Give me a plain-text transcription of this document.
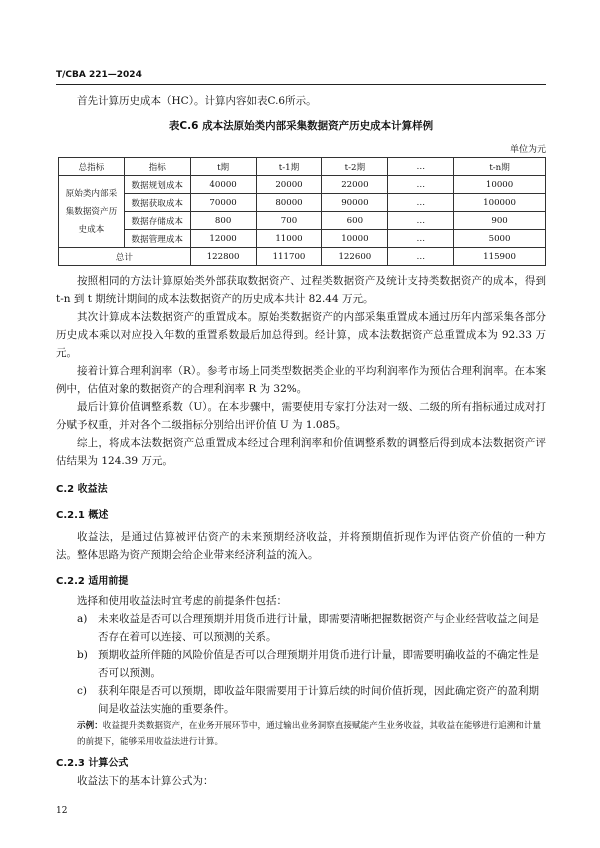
T/CBA 221—2024
首先计算历史成本（HC）。计算内容如表C.6所示。
表C.6 成本法原始类内部采集数据资产历史成本计算样例
单位为元
总指标	指标	t期	t-1期	t-2期	…	t-n期
原始类内部采集数据资产历史成本	数据规划成本	40000	20000	22000	…	10000
	数据获取成本	70000	80000	90000	…	100000
	数据存储成本	800	700	600	…	900
	数据管理成本	12000	11000	10000	…	5000
总计		122800	111700	122600	…	115900
按照相同的方法计算原始类外部获取数据资产、过程类数据资产及统计支持类数据资产的成本，得到 t-n 到 t 期统计期间的成本法数据资产的历史成本共计 82.44 万元。
其次计算成本法数据资产的重置成本。原始类数据资产的内部采集重置成本通过历年内部采集各部分历史成本乘以对应投入年数的重置系数最后加总得到。经计算，成本法数据资产总重置成本为 92.33 万元。
接着计算合理利润率（R）。参考市场上同类型数据类企业的平均利润率作为预估合理利润率。在本案例中，估值对象的数据资产的合理利润率 R 为 32%。
最后计算价值调整系数（U）。在本步骤中，需要使用专家打分法对一级、二级的所有指标通过成对打分赋予权重，并对各个二级指标分别给出评价值 U 为 1.085。
综上，将成本法数据资产总重置成本经过合理利润率和价值调整系数的调整后得到成本法数据资产评估结果为 124.39 万元。
C.2 收益法
C.2.1 概述
收益法，是通过估算被评估资产的未来预期经济收益，并将预期值折现作为评估资产价值的一种方法。整体思路为资产预期会给企业带来经济利益的流入。
C.2.2 适用前提
选择和使用收益法时宜考虑的前提条件包括：
a) 未来收益是否可以合理预期并用货币进行计量，即需要清晰把握数据资产与企业经营收益之间是否存在着可以连接、可以预测的关系。
b) 预期收益所伴随的风险价值是否可以合理预期并用货币进行计量，即需要明确收益的不确定性是否可以预测。
c) 获利年限是否可以预期，即收益年限需要用于计算后续的时间价值折现，因此确定资产的盈利期间是收益法实施的重要条件。
示例：收益提升类数据资产，在业务开展环节中，通过输出业务洞察直接赋能产生业务收益，其收益在能够进行追溯和计量的前提下，能够采用收益法进行计算。
C.2.3 计算公式
收益法下的基本计算公式为：
12
